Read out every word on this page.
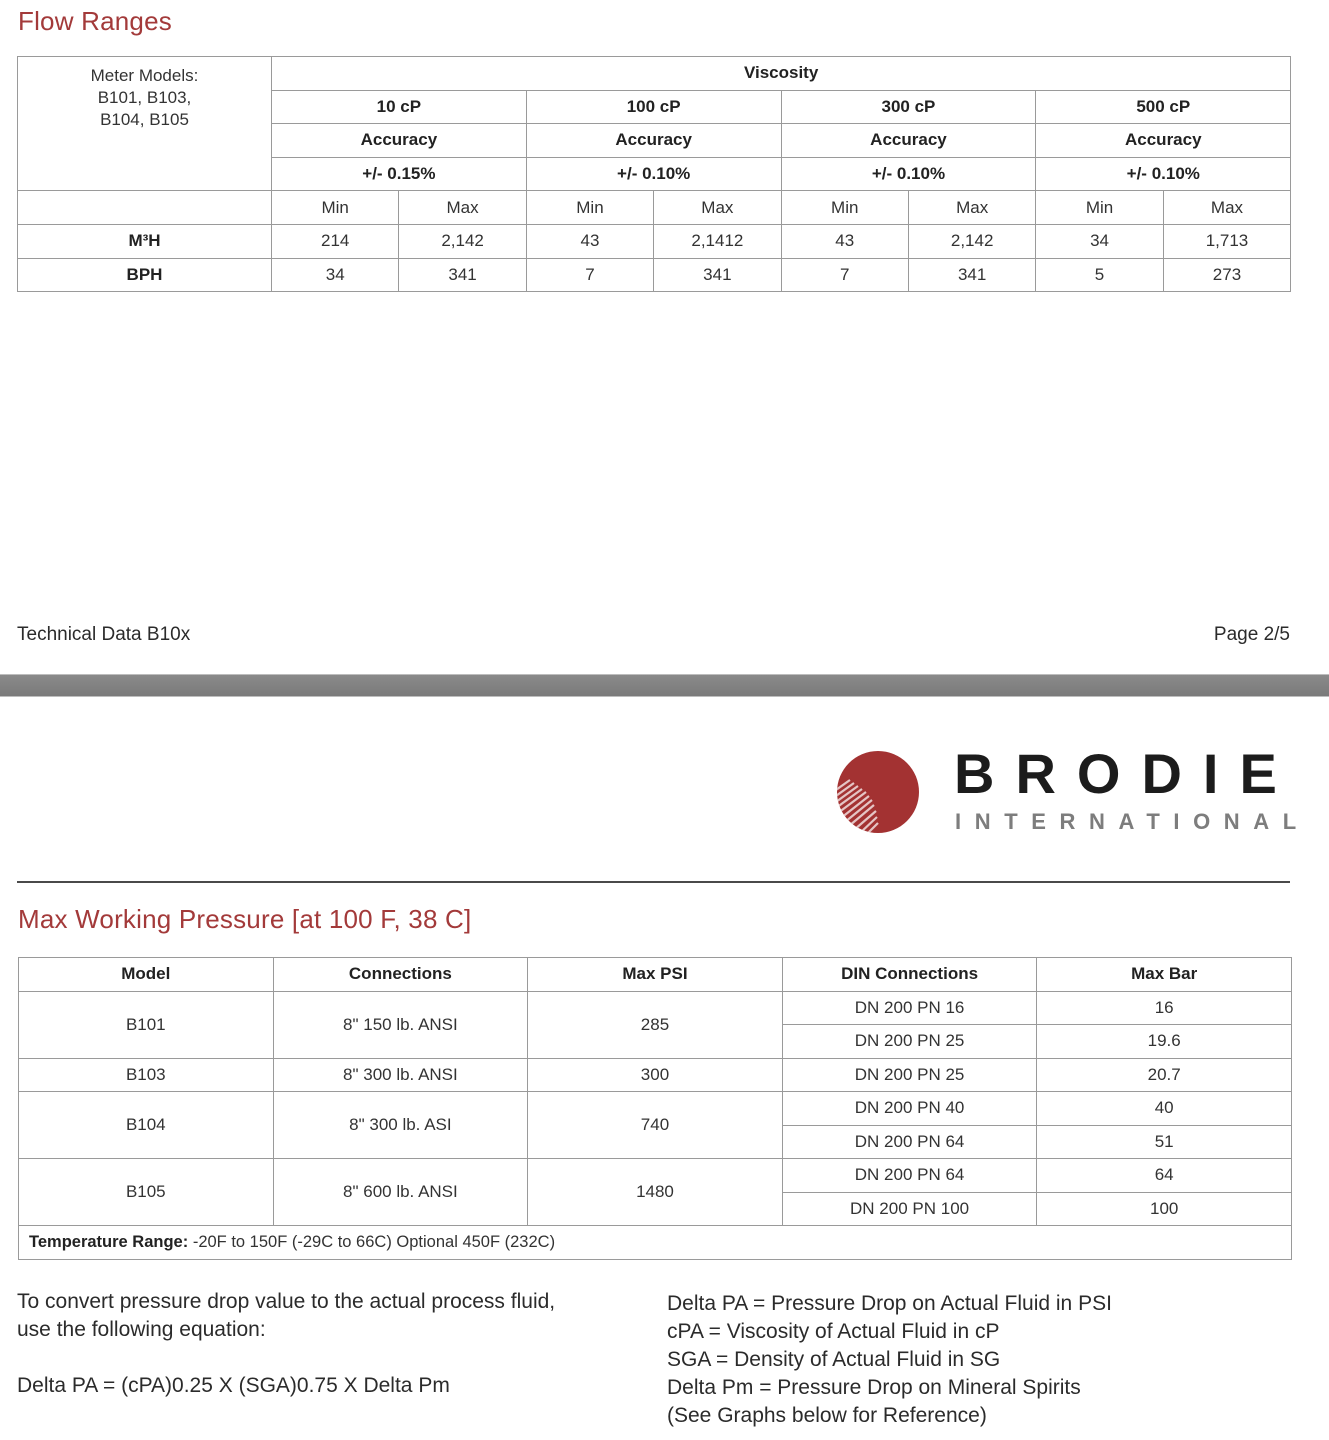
Flow Ranges
Meter Models:
B101, B103,
B104, B105	Viscosity							
	10 cP		100 cP		300 cP		500 cP	
	Accuracy		Accuracy		Accuracy		Accuracy	
	+/- 0.15%		+/- 0.10%		+/- 0.10%		+/- 0.10%	
	Min	Max	Min	Max	Min	Max	Min	Max
M³H	214	2,142	43	2,1412	43	2,142	34	1,713
BPH	34	341	7	341	7	341	5	273
Technical Data B10x	Page 2/5
BRODIE
INTERNATIONAL
Max Working Pressure [at 100 F, 38 C]
Model	Connections	Max PSI	DIN Connections	Max Bar
B101	8" 150 lb. ANSI	285	DN 200 PN 16	16
			DN 200 PN 25	19.6
B103	8" 300 lb. ANSI	300	DN 200 PN 25	20.7
B104	8" 300 lb. ASI	740	DN 200 PN 40	40
			DN 200 PN 64	51
B105	8" 600 lb. ANSI	1480	DN 200 PN 64	64
			DN 200 PN 100	100
Temperature Range: -20F to 150F (-29C to 66C) Optional 450F (232C)				
To convert pressure drop value to the actual process fluid,
use the following equation:
Delta PA = (cPA)0.25 X (SGA)0.75 X Delta Pm
Delta PA = Pressure Drop on Actual Fluid in PSI
cPA = Viscosity of Actual Fluid in cP
SGA = Density of Actual Fluid in SG
Delta Pm = Pressure Drop on Mineral Spirits
(See Graphs below for Reference)
